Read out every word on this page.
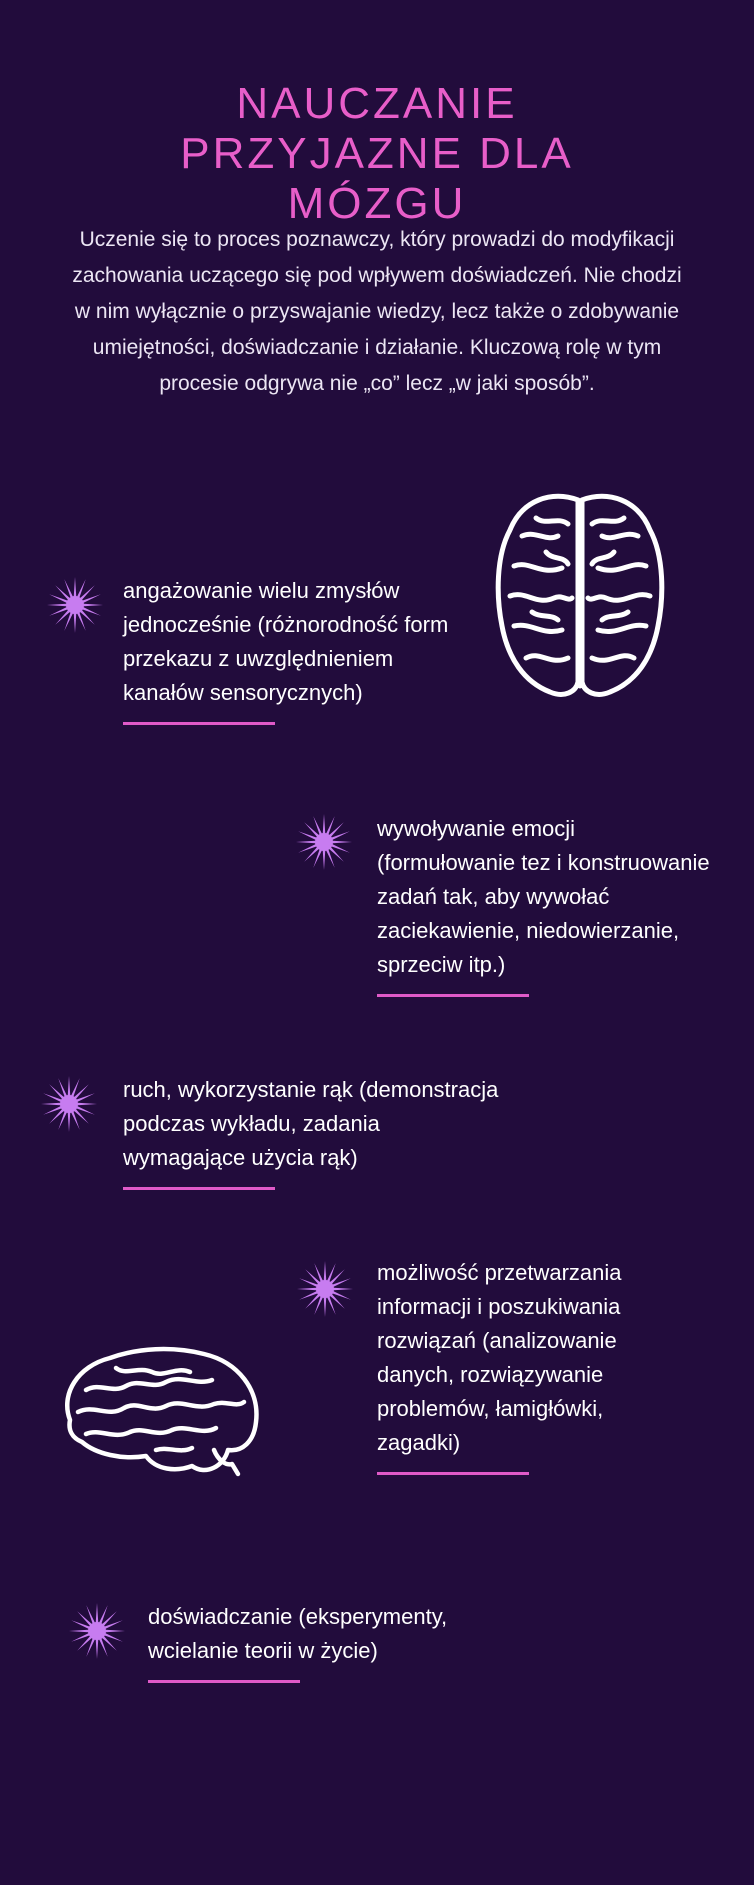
NAUCZANIE
PRZYJAZNE DLA
MÓZGU

Uczenie się to proces poznawczy, który prowadzi do modyfikacji zachowania uczącego się pod wpływem doświadczeń. Nie chodzi w nim wyłącznie o przyswajanie wiedzy, lecz także o zdobywanie umiejętności, doświadczanie i działanie. Kluczową rolę w tym procesie odgrywa nie „co” lecz „w jaki sposób”.

angażowanie wielu zmysłów jednocześnie (różnorodność form przekazu z uwzględnieniem kanałów sensorycznych)
wywoływanie emocji (formułowanie tez i konstruowanie zadań tak, aby wywołać zaciekawienie, niedowierzanie, sprzeciw itp.)
ruch, wykorzystanie rąk (demonstracja podczas wykładu, zadania wymagające użycia rąk)
możliwość przetwarzania informacji i poszukiwania rozwiązań (analizowanie danych, rozwiązywanie problemów, łamigłówki, zagadki)
doświadczanie (eksperymenty, wcielanie teorii w życie)
